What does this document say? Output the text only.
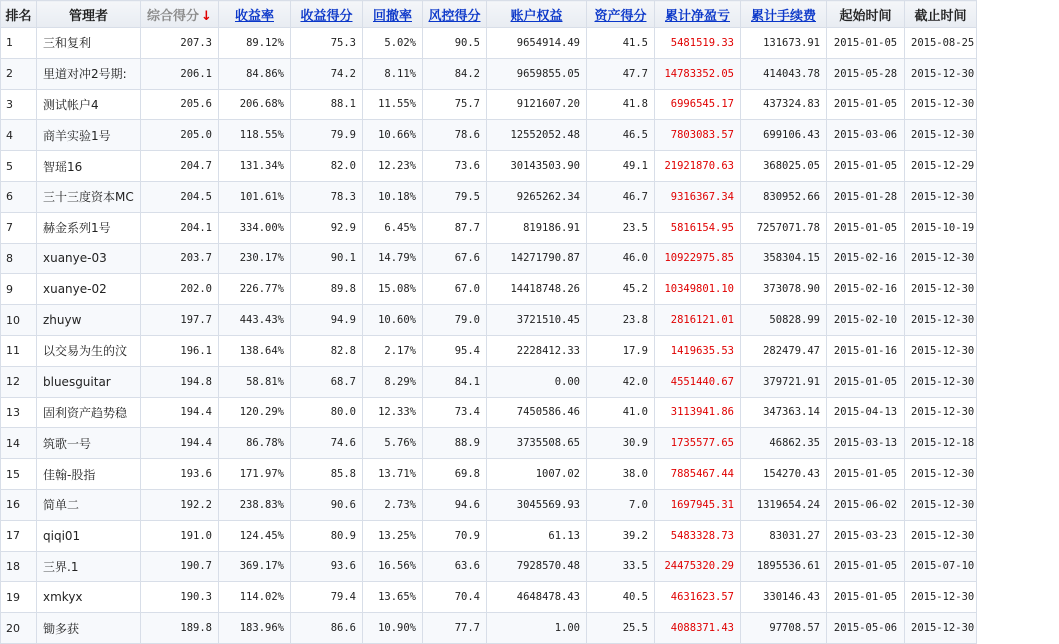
排名	管理者	综合得分 ↓	收益率	收益得分	回撤率	风控得分	账户权益	资产得分	累计净盈亏	累计手续费	起始时间	截止时间
1	三和复利	207.3	89.12%	75.3	5.02%	90.5	9654914.49	41.5	5481519.33	131673.91	2015-01-05	2015-08-25
2	里道对冲2号期:	206.1	84.86%	74.2	8.11%	84.2	9659855.05	47.7	14783352.05	414043.78	2015-05-28	2015-12-30
3	测试帐户4	205.6	206.68%	88.1	11.55%	75.7	9121607.20	41.8	6996545.17	437324.83	2015-01-05	2015-12-30
4	商羊实验1号	205.0	118.55%	79.9	10.66%	78.6	12552052.48	46.5	7803083.57	699106.43	2015-03-06	2015-12-30
5	智瑶16	204.7	131.34%	82.0	12.23%	73.6	30143503.90	49.1	21921870.63	368025.05	2015-01-05	2015-12-29
6	三十三度资本MC	204.5	101.61%	78.3	10.18%	79.5	9265262.34	46.7	9316367.34	830952.66	2015-01-28	2015-12-30
7	赫金系列1号	204.1	334.00%	92.9	6.45%	87.7	819186.91	23.5	5816154.95	7257071.78	2015-01-05	2015-10-19
8	xuanye-03	203.7	230.17%	90.1	14.79%	67.6	14271790.87	46.0	10922975.85	358304.15	2015-02-16	2015-12-30
9	xuanye-02	202.0	226.77%	89.8	15.08%	67.0	14418748.26	45.2	10349801.10	373078.90	2015-02-16	2015-12-30
10	zhuyw	197.7	443.43%	94.9	10.60%	79.0	3721510.45	23.8	2816121.01	50828.99	2015-02-10	2015-12-30
11	以交易为生的汶	196.1	138.64%	82.8	2.17%	95.4	2228412.33	17.9	1419635.53	282479.47	2015-01-16	2015-12-30
12	bluesguitar	194.8	58.81%	68.7	8.29%	84.1	0.00	42.0	4551440.67	379721.91	2015-01-05	2015-12-30
13	固利资产趋势稳	194.4	120.29%	80.0	12.33%	73.4	7450586.46	41.0	3113941.86	347363.14	2015-04-13	2015-12-30
14	筑歌一号	194.4	86.78%	74.6	5.76%	88.9	3735508.65	30.9	1735577.65	46862.35	2015-03-13	2015-12-18
15	佳翰-股指	193.6	171.97%	85.8	13.71%	69.8	1007.02	38.0	7885467.44	154270.43	2015-01-05	2015-12-30
16	简单二	192.2	238.83%	90.6	2.73%	94.6	3045569.93	7.0	1697945.31	1319654.24	2015-06-02	2015-12-30
17	qiqi01	191.0	124.45%	80.9	13.25%	70.9	61.13	39.2	5483328.73	83031.27	2015-03-23	2015-12-30
18	三界.1	190.7	369.17%	93.6	16.56%	63.6	7928570.48	33.5	24475320.29	1895536.61	2015-01-05	2015-07-10
19	xmkyx	190.3	114.02%	79.4	13.65%	70.4	4648478.43	40.5	4631623.57	330146.43	2015-01-05	2015-12-30
20	锄多获	189.8	183.96%	86.6	10.90%	77.7	1.00	25.5	4088371.43	97708.57	2015-05-06	2015-12-30
